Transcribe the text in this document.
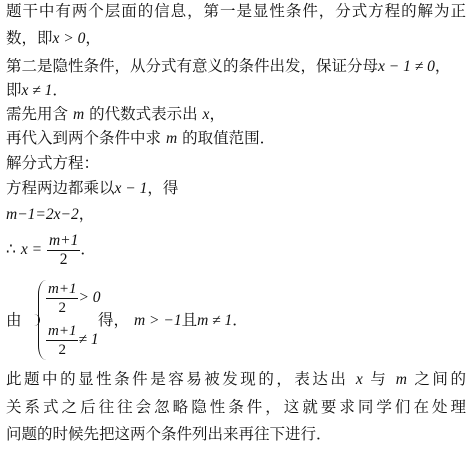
题干中有两个层面的信息，第一是显性条件，分式方程的解为正
数，即x > 0，
第二是隐性条件，从分式有意义的条件出发，保证分母x − 1 ≠ 0，
即x ≠ 1．
需先用含 m 的代数式表示出 x，
再代入到两个条件中求 m 的取值范围．
解分式方程：
方程两边都乘以x − 1，得
m−1=2x−2，
∴ $x = \frac{m+1}{2}$ ．
由
$\frac{m+1}{2} > 0$
$\frac{m+1}{2} \ne 1$
得， m > −1且m ≠ 1．
此题中的显性条件是容易被发现的，表达出 x 与 m 之间的
关系式之后往往会忽略隐性条件，这就要求同学们在处理
问题的时候先把这两个条件列出来再往下进行．
